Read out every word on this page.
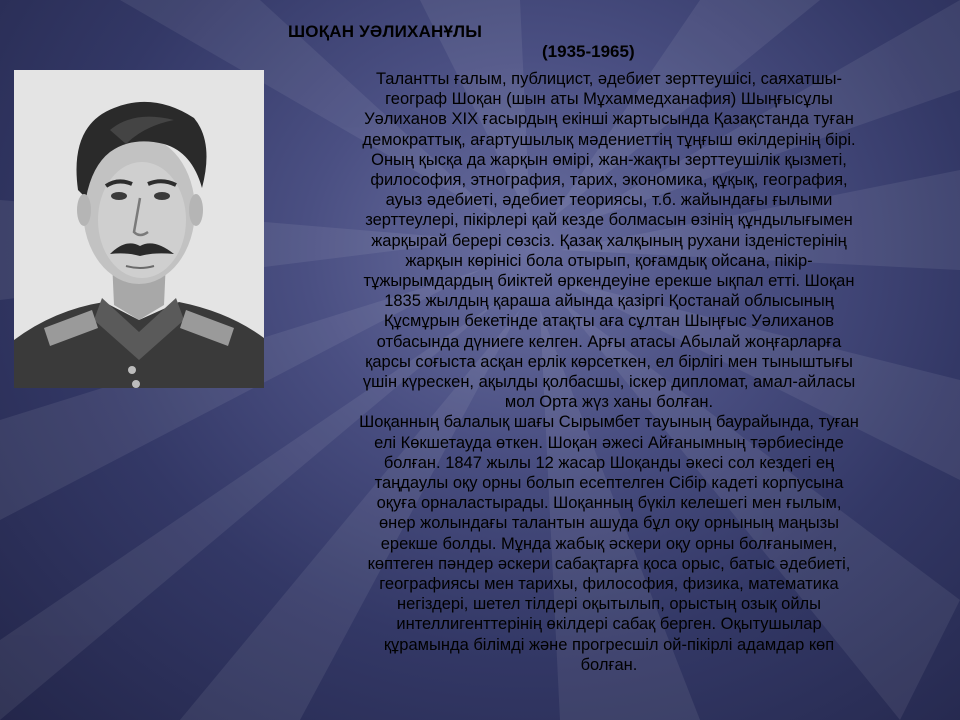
ШОҚАН УӘЛИХАНҰЛЫ
(1935-1965)

Талантты ғалым, публицист, әдебиет зерттеушісі, саяхатшы-
географ Шоқан (шын аты Мұхаммедханафия) Шыңғысұлы
Уәлиханов XIX ғасырдың екінші жартысында Қазақстанда туған
демократтық, ағартушылық мәдениеттің тұңғыш өкілдерінің бірі.
Оның қысқа да жарқын өмірі, жан-жақты зерттеушілік қызметі,
философия, этнография, тарих, экономика, құқық, география,
ауыз әдебиеті, әдебиет теориясы, т.б. жайындағы ғылыми
зерттеулері, пікірлері қай кезде болмасын өзінің құндылығымен
жарқырай берері сөзсіз. Қазақ халқының рухани ізденістерінің
жарқын көрінісі бола отырып, қоғамдық ойсана, пікір-
тұжырымдардың биіктей өркендеуіне ерекше ықпал етті. Шоқан
1835 жылдың қараша айында қазіргі Қостанай облысының
Құсмұрын бекетінде атақты аға сұлтан Шыңғыс Уәлиханов
отбасында дүниеге келген. Арғы атасы Абылай жоңғарларға
қарсы соғыста асқан ерлік көрсеткен, ел бірлігі мен тыныштығы
үшін күрескен, ақылды қолбасшы, іскер дипломат, амал-айласы
мол Орта жүз ханы болған.

Шоқанның балалық шағы Сырымбет тауының баурайында, туған
елі Көкшетауда өткен. Шоқан әжесі Айғанымның тәрбиесінде
болған. 1847 жылы 12 жасар Шоқанды әкесі сол кездегі ең
таңдаулы оқу орны болып есептелген Сібір кадеті корпусына
оқуға орналастырады. Шоқанның бүкіл келешегі мен ғылым,
өнер жолындағы талантын ашуда бұл оқу орнының маңызы
ерекше болды. Мұнда жабық әскери оқу орны болғанымен,
көптеген пәндер әскери сабақтарға қоса орыс, батыс әдебиеті,
географиясы мен тарихы, философия, физика, математика
негіздері, шетел тілдері оқытылып, орыстың озық ойлы
интеллигенттерінің өкілдері сабақ берген. Оқытушылар
құрамында білімді және прогресшіл ой-пікірлі адамдар көп
болған.
